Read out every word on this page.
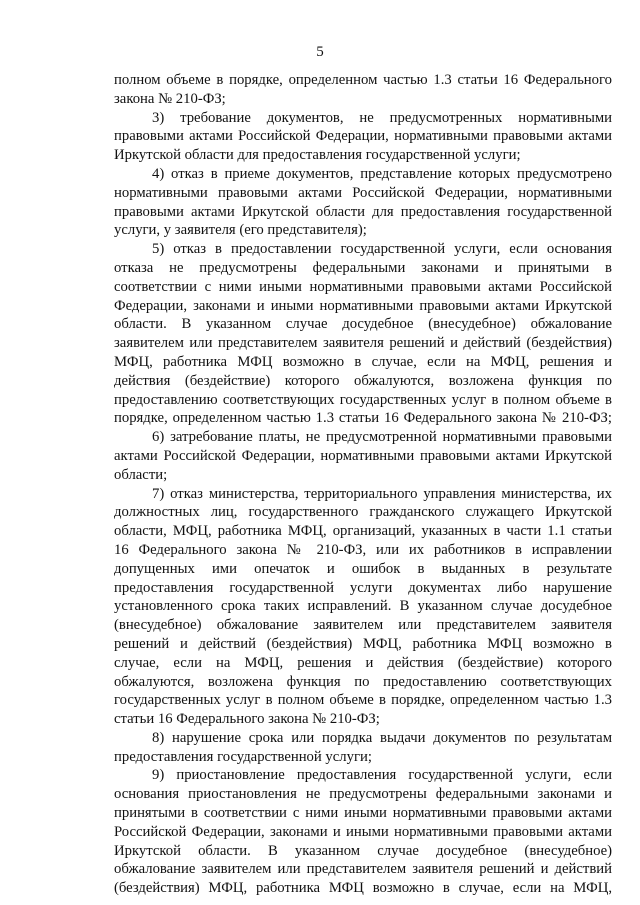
5
полном объеме в порядке, определенном частью 1.3 статьи 16 Федерального
закона № 210-ФЗ;
3) требование документов, не предусмотренных нормативными
правовыми актами Российской Федерации, нормативными правовыми актами
Иркутской области для предоставления государственной услуги;
4) отказ в приеме документов, представление которых предусмотрено
нормативными правовыми актами Российской Федерации, нормативными
правовыми актами Иркутской области для предоставления государственной
услуги, у заявителя (его представителя);
5) отказ в предоставлении государственной услуги, если основания
отказа не предусмотрены федеральными законами и принятыми в
соответствии с ними иными нормативными правовыми актами Российской
Федерации, законами и иными нормативными правовыми актами Иркутской
области. В указанном случае досудебное (внесудебное) обжалование
заявителем или представителем заявителя решений и действий (бездействия)
МФЦ, работника МФЦ возможно в случае, если на МФЦ, решения и
действия (бездействие) которого обжалуются, возложена функция по
предоставлению соответствующих государственных услуг в полном объеме в
порядке, определенном частью 1.3 статьи 16 Федерального закона № 210-ФЗ;
6) затребование платы, не предусмотренной нормативными правовыми
актами Российской Федерации, нормативными правовыми актами Иркутской
области;
7) отказ министерства, территориального управления министерства, их
должностных лиц, государственного гражданского служащего Иркутской
области, МФЦ, работника МФЦ, организаций, указанных в части 1.1 статьи
16 Федерального закона № 210-ФЗ, или их работников в исправлении
допущенных ими опечаток и ошибок в выданных в результате
предоставления государственной услуги документах либо нарушение
установленного срока таких исправлений. В указанном случае досудебное
(внесудебное) обжалование заявителем или представителем заявителя
решений и действий (бездействия) МФЦ, работника МФЦ возможно в
случае, если на МФЦ, решения и действия (бездействие) которого
обжалуются, возложена функция по предоставлению соответствующих
государственных услуг в полном объеме в порядке, определенном частью 1.3
статьи 16 Федерального закона № 210-ФЗ;
8) нарушение срока или порядка выдачи документов по результатам
предоставления государственной услуги;
9) приостановление предоставления государственной услуги, если
основания приостановления не предусмотрены федеральными законами и
принятыми в соответствии с ними иными нормативными правовыми актами
Российской Федерации, законами и иными нормативными правовыми актами
Иркутской области. В указанном случае досудебное (внесудебное)
обжалование заявителем или представителем заявителя решений и действий
(бездействия) МФЦ, работника МФЦ возможно в случае, если на МФЦ,
